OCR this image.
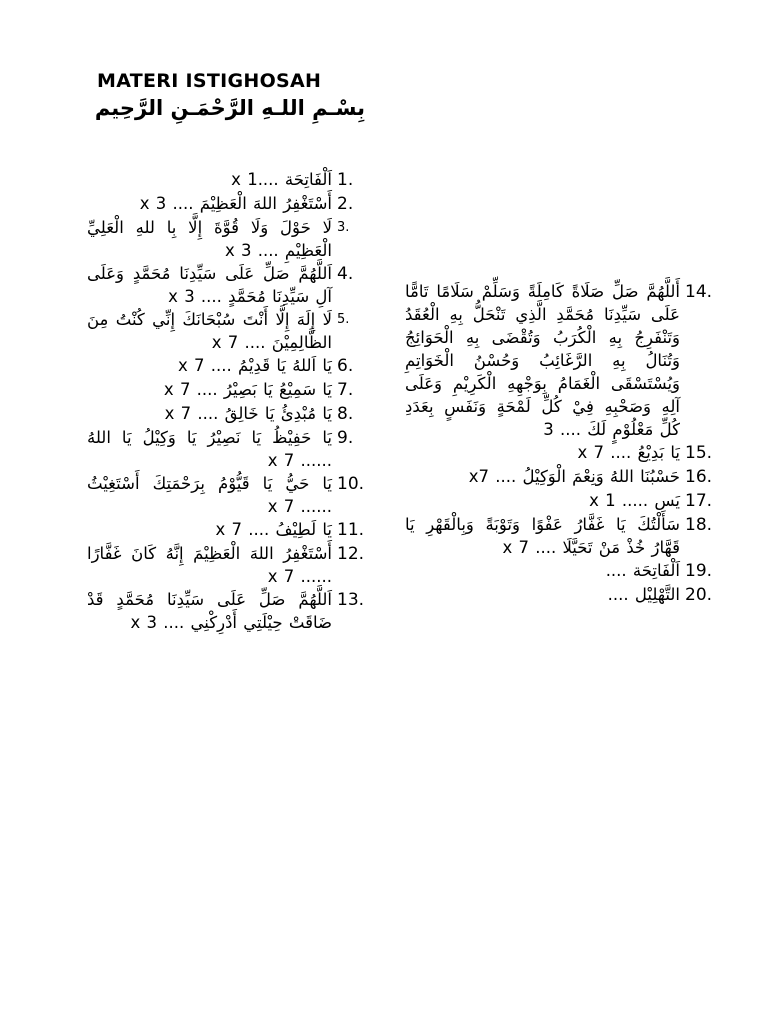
MATERI ISTIGHOSAH
بِسْـمِ اللـهِ الرَّحْمَـنِ الرَّحِيم
اَلْفَاتِحَة ....1 x 1.
أَسْتَغْفِرُ اللهَ الْعَظِيْمَ .... 3 x 2.
لَا حَوْلَ وَلَا قُوَّةَ إِلَّا بِا للهِ الْعَلِيِّ الْعَظِيْمِ .... 3 x
3.
اَللَّهُمَّ صَلِّ عَلَى سَيِّدِنَا مُحَمَّدٍ وَعَلَى آلِ سَيِّدِنَا مُحَمَّدٍ .... 3 x
4.
لَا إِلَهَ إِلَّا أَنْتَ سُبْحَانَكَ إِنِّي كُنْتُ مِنَ الظَّالِمِيْنَ .... 7 x
5.
يَا اَللهُ يَا قَدِيْمُ .... 7 x 6.
يَا سَمِيْعُ يَا بَصِيْرُ .... 7 x 7.
يَا مُبْدِئُ يَا خَالِقُ .... 7 x 8.
يَا حَفِيْظُ يَا نَصِيْرُ يَا وَكِيْلُ يَا اللهُ ...... 7 x
9.
يَا حَيُّ يَا قَيُّوْمُ بِرَحْمَتِكَ أَسْتَغِيْثُ ...... 7 x
10.
يَا لَطِيْفُ .... 7 x 11.
أَسْتَغْفِرُ اللهَ الْعَظِيْمَ إِنَّهُ كَانَ غَفَّارًا ...... 7 x
12.
اَللَّهُمَّ صَلِّ عَلَى سَيِّدِنَا مُحَمَّدٍ قَدْ ضَاقَتْ حِيْلَتِي أَدْرِكْنِي .... 3 x
13.
أَللَّهُمَّ صَلِّ صَلَاةً كَامِلَةً وَسَلِّمْ سَلَامًا تَامًّا عَلَى سَيِّدِنَا مُحَمَّدِ الَّذِي تَنْحَلُّ بِهِ الْعُقَدُ وَتَنْفَرِجُ بِهِ الْكُرَبُ وَتُقْضَى بِهِ الْحَوَائِجُ وَتُنَالُ بِهِ الرَّغَائِبُ وَحُسْنُ الْخَوَاتِمِ وَيُسْتَسْقَى الْغَمَامُ بِوَجْهِهِ الْكَرِيْمِ وَعَلَى آلِهِ وَصَحْبِهِ فِيْ كُلِّ لَمْحَةٍ وَنَفَسٍ بِعَدَدِ كُلِّ مَعْلُوْمٍ لَكَ .... 3
14.
يَا بَدِيْعُ .... 7 x 15.
حَسْبُنَا اللهُ وَنِعْمَ الْوَكِيْلُ .... x7 16.
يَس ..... 1 x 17.
سَأَلْتُكَ يَا غَفَّارُ عَفْوًا وَتَوْبَةً وَبِالْقَهْرِ يَا قَهَّارُ خُذْ مَنْ تَحَيَّلَا .... 7 x
18.
اَلْفَاتِحَة .... 19.
التَّهْلِيْل .... 20.
